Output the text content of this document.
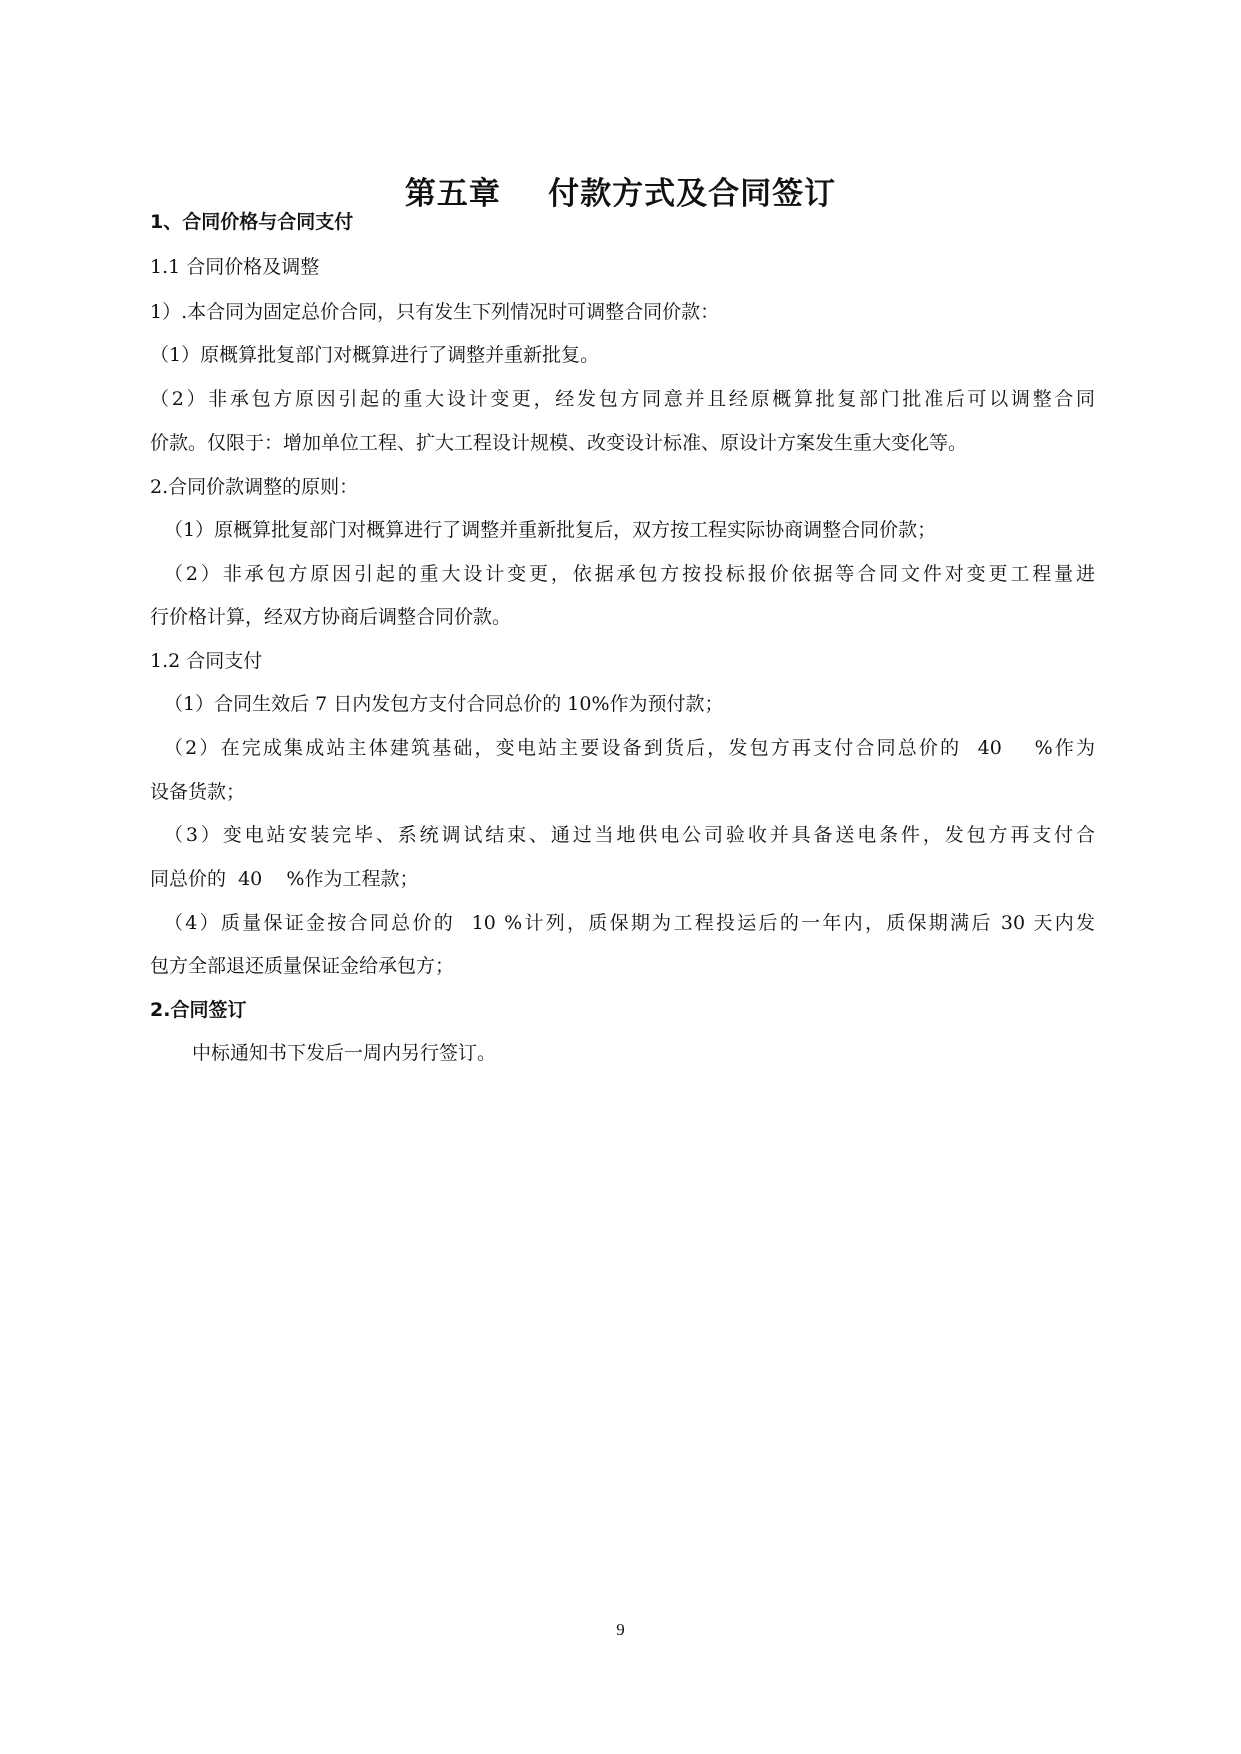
第五章    付款方式及合同签订
1、合同价格与合同支付
1.1 合同价格及调整
1）.本合同为固定总价合同，只有发生下列情况时可调整合同价款：
（1）原概算批复部门对概算进行了调整并重新批复。
（2）非承包方原因引起的重大设计变更，经发包方同意并且经原概算批复部门批准后可以调整合同
价款。仅限于：增加单位工程、扩大工程设计规模、改变设计标准、原设计方案发生重大变化等。
2.合同价款调整的原则：
（1）原概算批复部门对概算进行了调整并重新批复后，双方按工程实际协商调整合同价款；
（2）非承包方原因引起的重大设计变更，依据承包方按投标报价依据等合同文件对变更工程量进
行价格计算，经双方协商后调整合同价款。
1.2 合同支付
（1）合同生效后 7 日内发包方支付合同总价的 10%作为预付款；
（2）在完成集成站主体建筑基础，变电站主要设备到货后，发包方再支付合同总价的  40    %作为
设备货款；
（3）变电站安装完毕、系统调试结束、通过当地供电公司验收并具备送电条件，发包方再支付合
同总价的  40    %作为工程款；
（4）质量保证金按合同总价的  10 %计列，质保期为工程投运后的一年内，质保期满后 30 天内发
包方全部退还质量保证金给承包方；
2.合同签订
中标通知书下发后一周内另行签订。
9
